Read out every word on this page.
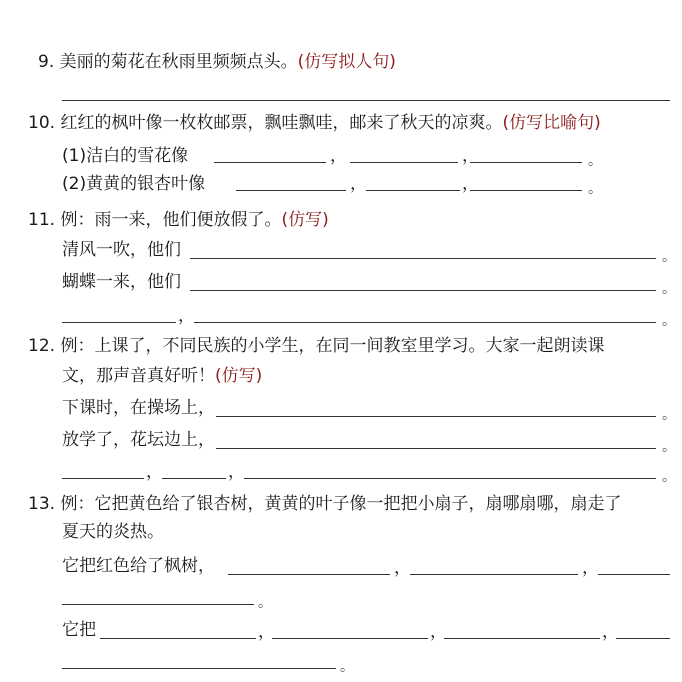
9. 美丽的菊花在秋雨里频频点头。(仿写拟人句)
10. 红红的枫叶像一枚枚邮票，飘哇飘哇，邮来了秋天的凉爽。(仿写比喻句)
(1)洁白的雪花像	，	，	。
(2)黄黄的银杏叶像	，	，	。
11. 例：雨一来，他们便放假了。(仿写)
清风一吹，他们	。
蝴蝶一来，他们	。
，	。
12. 例：上课了，不同民族的小学生，在同一间教室里学习。大家一起朗读课
文，那声音真好听！(仿写)
下课时，在操场上，	。
放学了，花坛边上，	。
，	，	。
13. 例：它把黄色给了银杏树，黄黄的叶子像一把把小扇子，扇哪扇哪，扇走了
夏天的炎热。
它把红色给了枫树，	，	，
。
它把	，	，	，
。
